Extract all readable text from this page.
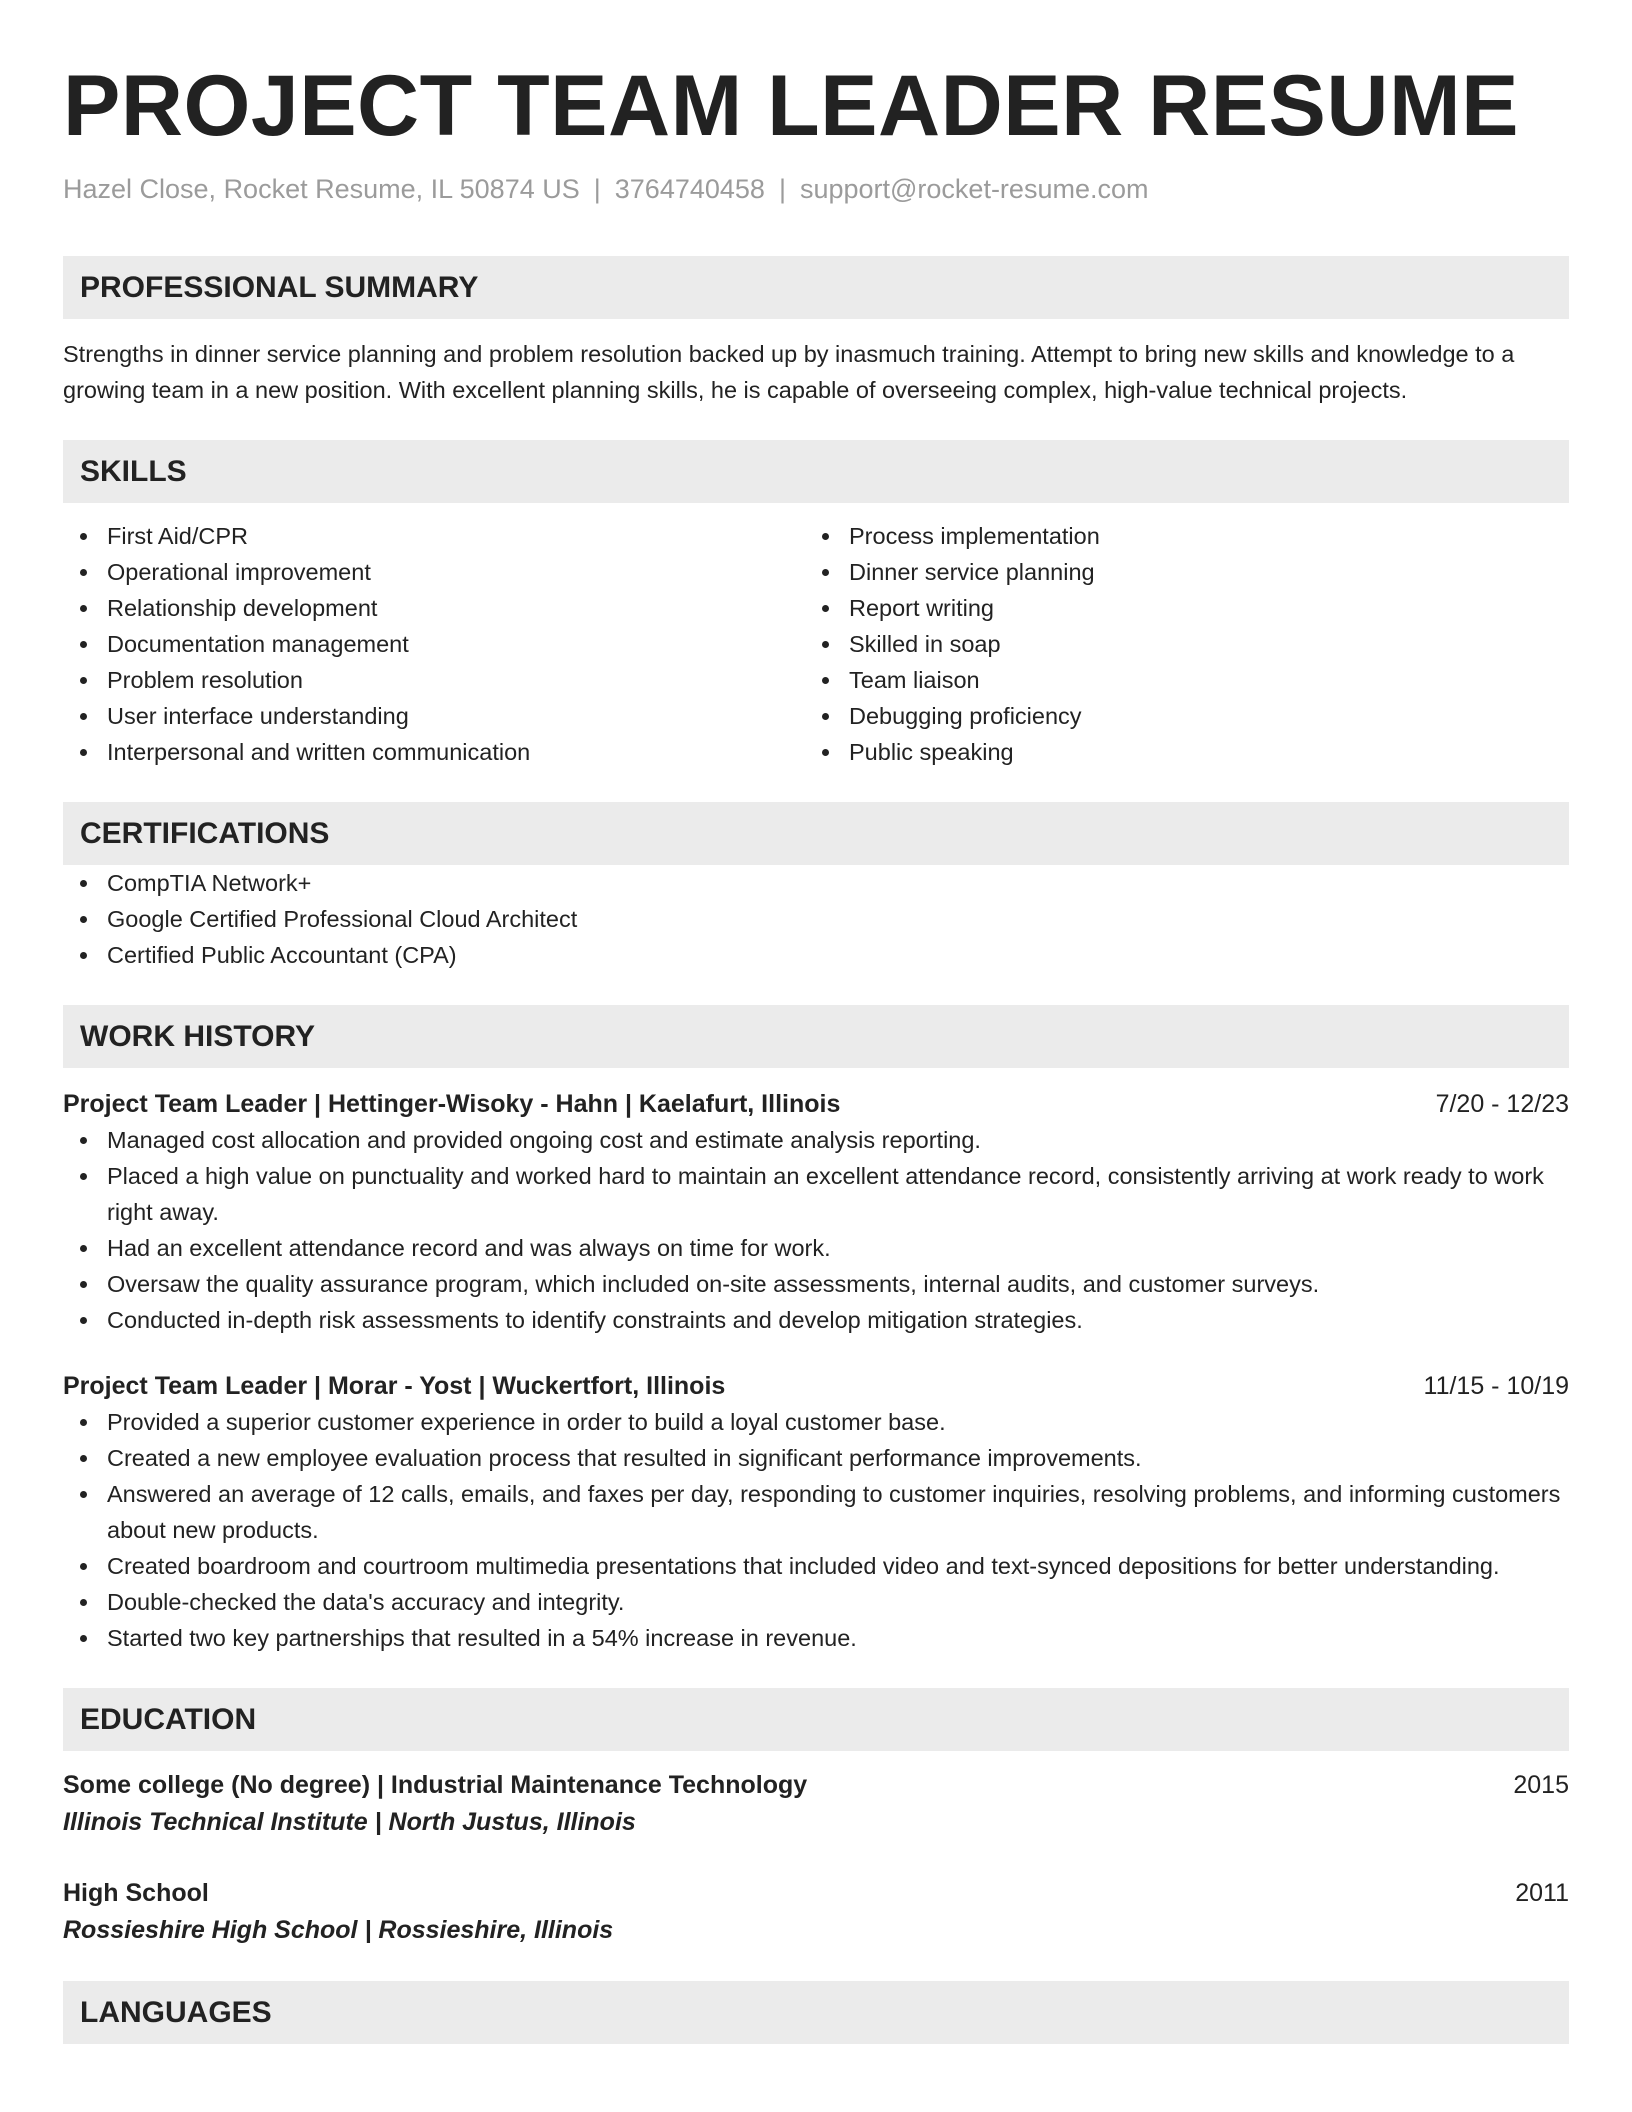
PROJECT TEAM LEADER RESUME
Hazel Close, Rocket Resume, IL 50874 US | 3764740458 | support@rocket-resume.com
PROFESSIONAL SUMMARY
Strengths in dinner service planning and problem resolution backed up by inasmuch training. Attempt to bring new skills and knowledge to a growing team in a new position. With excellent planning skills, he is capable of overseeing complex, high-value technical projects.
SKILLS
First Aid/CPR
Operational improvement
Relationship development
Documentation management
Problem resolution
User interface understanding
Interpersonal and written communication
Process implementation
Dinner service planning
Report writing
Skilled in soap
Team liaison
Debugging proficiency
Public speaking
CERTIFICATIONS
CompTIA Network+
Google Certified Professional Cloud Architect
Certified Public Accountant (CPA)
WORK HISTORY
Project Team Leader | Hettinger-Wisoky - Hahn | Kaelafurt, Illinois	7/20 - 12/23
Managed cost allocation and provided ongoing cost and estimate analysis reporting.
Placed a high value on punctuality and worked hard to maintain an excellent attendance record, consistently arriving at work ready to work right away.
Had an excellent attendance record and was always on time for work.
Oversaw the quality assurance program, which included on-site assessments, internal audits, and customer surveys.
Conducted in-depth risk assessments to identify constraints and develop mitigation strategies.
Project Team Leader | Morar - Yost | Wuckertfort, Illinois	11/15 - 10/19
Provided a superior customer experience in order to build a loyal customer base.
Created a new employee evaluation process that resulted in significant performance improvements.
Answered an average of 12 calls, emails, and faxes per day, responding to customer inquiries, resolving problems, and informing customers about new products.
Created boardroom and courtroom multimedia presentations that included video and text-synced depositions for better understanding.
Double-checked the data's accuracy and integrity.
Started two key partnerships that resulted in a 54% increase in revenue.
EDUCATION
Some college (No degree) | Industrial Maintenance Technology	2015
Illinois Technical Institute | North Justus, Illinois
High School	2011
Rossieshire High School | Rossieshire, Illinois
LANGUAGES
